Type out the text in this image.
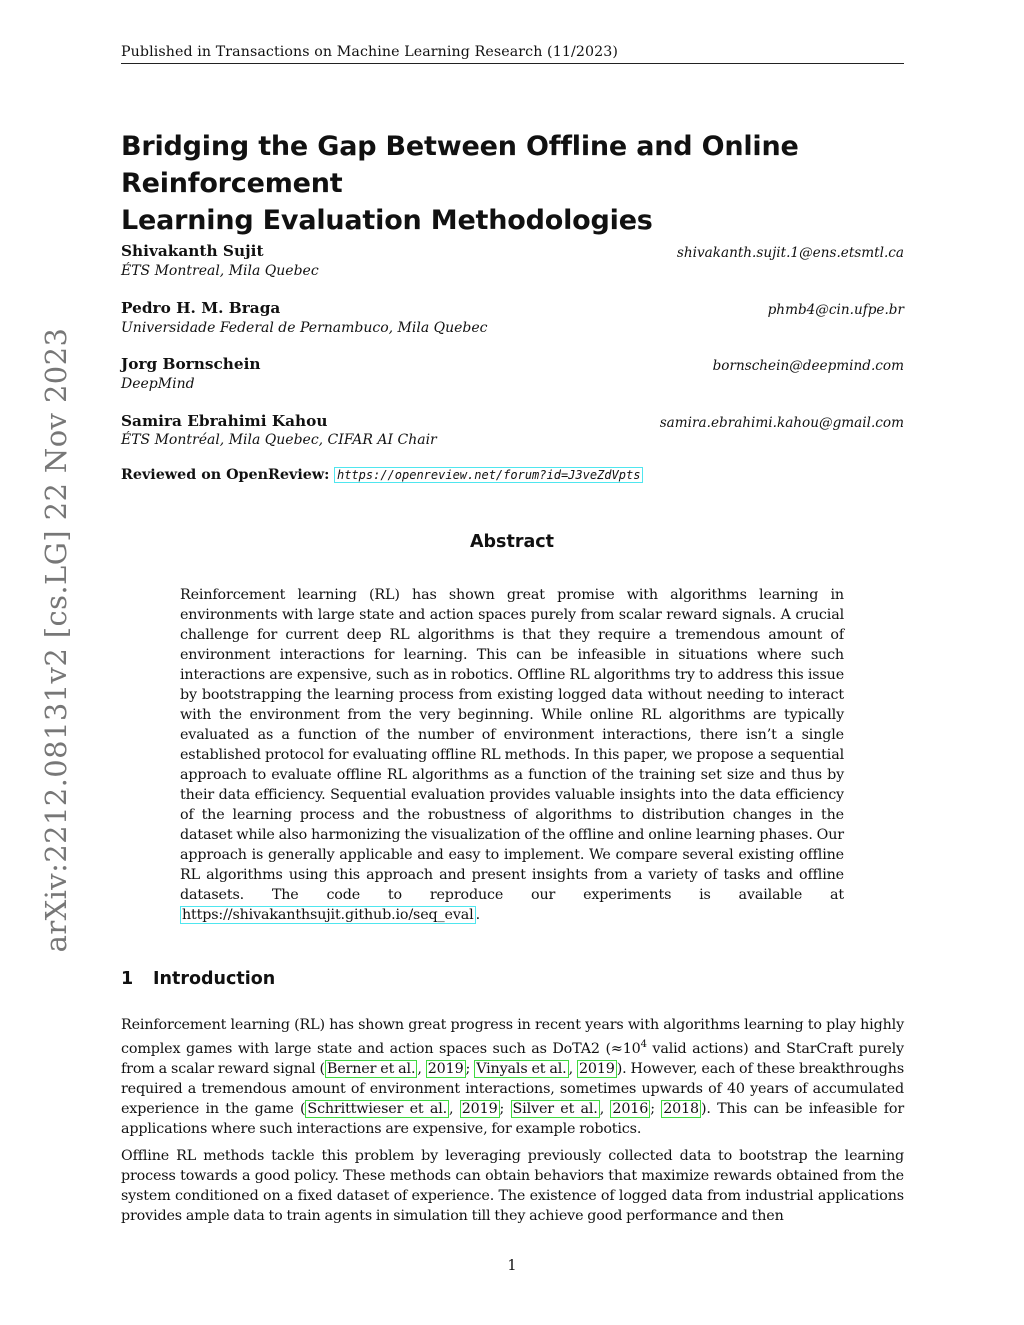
Published in Transactions on Machine Learning Research (11/2023)
Bridging the Gap Between Offline and Online Reinforcement
Learning Evaluation Methodologies
Shivakanth Sujit	shivakanth.sujit.1@ens.etsmtl.ca
ÉTS Montreal, Mila Quebec
Pedro H. M. Braga	phmb4@cin.ufpe.br
Universidade Federal de Pernambuco, Mila Quebec
Jorg Bornschein	bornschein@deepmind.com
DeepMind
Samira Ebrahimi Kahou	samira.ebrahimi.kahou@gmail.com
ÉTS Montréal, Mila Quebec, CIFAR AI Chair
Reviewed on OpenReview: https://openreview.net/forum?id=J3veZdVpts
Abstract
Reinforcement learning (RL) has shown great promise with algorithms learning in environments with large state and action spaces purely from scalar reward signals. A crucial challenge for current deep RL algorithms is that they require a tremendous amount of environment interactions for learning. This can be infeasible in situations where such interactions are expensive, such as in robotics. Offline RL algorithms try to address this issue by bootstrapping the learning process from existing logged data without needing to interact with the environment from the very beginning. While online RL algorithms are typically evaluated as a function of the number of environment interactions, there isn’t a single established protocol for evaluating offline RL methods. In this paper, we propose a sequential approach to evaluate offline RL algorithms as a function of the training set size and thus by their data efficiency. Sequential evaluation provides valuable insights into the data efficiency of the learning process and the robustness of algorithms to distribution changes in the dataset while also harmonizing the visualization of the offline and online learning phases. Our approach is generally applicable and easy to implement. We compare several existing offline RL algorithms using this approach and present insights from a variety of tasks and offline datasets. The code to reproduce our experiments is available at https://shivakanthsujit.github.io/seq_eval .
1 Introduction
Reinforcement learning (RL) has shown great progress in recent years with algorithms learning to play highly complex games with large state and action spaces such as DoTA2 ($\approx 10^4$ valid actions) and StarCraft purely from a scalar reward signal ( Berner et al. , 2019 ; Vinyals et al. , 2019 ). However, each of these breakthroughs required a tremendous amount of environment interactions, sometimes upwards of 40 years of accumulated experience in the game ( Schrittwieser et al. , 2019 ; Silver et al. , 2016 ; 2018 ). This can be infeasible for applications where such interactions are expensive, for example robotics.
Offline RL methods tackle this problem by leveraging previously collected data to bootstrap the learning process towards a good policy. These methods can obtain behaviors that maximize rewards obtained from the system conditioned on a fixed dataset of experience. The existence of logged data from industrial applications provides ample data to train agents in simulation till they achieve good performance and then
1
arXiv:2212.08131v2 [cs.LG] 22 Nov 2023
